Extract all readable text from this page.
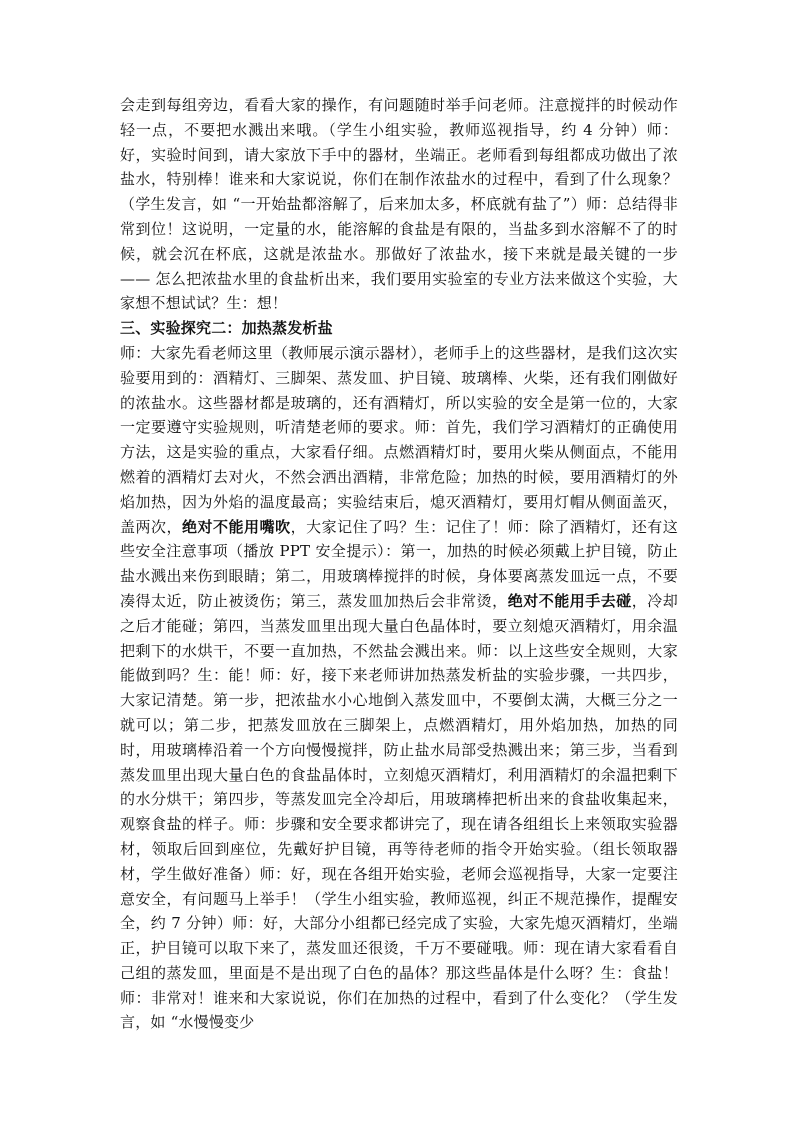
会走到每组旁边，看看大家的操作，有问题随时举手问老师。注意搅拌的时候动作轻一点，不要把水溅出来哦。（学生小组实验，教师巡视指导，约 4 分钟）师：好，实验时间到，请大家放下手中的器材，坐端正。老师看到每组都成功做出了浓盐水，特别棒！谁来和大家说说，你们在制作浓盐水的过程中，看到了什么现象？（学生发言，如 “一开始盐都溶解了，后来加太多，杯底就有盐了”）师：总结得非常到位！这说明，一定量的水，能溶解的食盐是有限的，当盐多到水溶解不了的时候，就会沉在杯底，这就是浓盐水。那做好了浓盐水，接下来就是最关键的一步 —— 怎么把浓盐水里的食盐析出来，我们要用实验室的专业方法来做这个实验，大家想不想试试？生：想！

三、实验探究二：加热蒸发析盐

师：大家先看老师这里（教师展示演示器材），老师手上的这些器材，是我们这次实验要用到的：酒精灯、三脚架、蒸发皿、护目镜、玻璃棒、火柴，还有我们刚做好的浓盐水。这些器材都是玻璃的，还有酒精灯，所以实验的安全是第一位的，大家一定要遵守实验规则，听清楚老师的要求。师：首先，我们学习酒精灯的正确使用方法，这是实验的重点，大家看仔细。点燃酒精灯时，要用火柴从侧面点，不能用燃着的酒精灯去对火，不然会洒出酒精，非常危险；加热的时候，要用酒精灯的外焰加热，因为外焰的温度最高；实验结束后，熄灭酒精灯，要用灯帽从侧面盖灭，盖两次，绝对不能用嘴吹，大家记住了吗？生：记住了！师：除了酒精灯，还有这些安全注意事项（播放 PPT 安全提示）：第一，加热的时候必须戴上护目镜，防止盐水溅出来伤到眼睛；第二，用玻璃棒搅拌的时候，身体要离蒸发皿远一点，不要凑得太近，防止被烫伤；第三，蒸发皿加热后会非常烫，绝对不能用手去碰，冷却之后才能碰；第四，当蒸发皿里出现大量白色晶体时，要立刻熄灭酒精灯，用余温把剩下的水烘干，不要一直加热，不然盐会溅出来。师：以上这些安全规则，大家能做到吗？生：能！师：好，接下来老师讲加热蒸发析盐的实验步骤，一共四步，大家记清楚。第一步，把浓盐水小心地倒入蒸发皿中，不要倒太满，大概三分之一就可以；第二步，把蒸发皿放在三脚架上，点燃酒精灯，用外焰加热，加热的同时，用玻璃棒沿着一个方向慢慢搅拌，防止盐水局部受热溅出来；第三步，当看到蒸发皿里出现大量白色的食盐晶体时，立刻熄灭酒精灯，利用酒精灯的余温把剩下的水分烘干；第四步，等蒸发皿完全冷却后，用玻璃棒把析出来的食盐收集起来，观察食盐的样子。师：步骤和安全要求都讲完了，现在请各组组长上来领取实验器材，领取后回到座位，先戴好护目镜，再等待老师的指令开始实验。（组长领取器材，学生做好准备）师：好，现在各组开始实验，老师会巡视指导，大家一定要注意安全，有问题马上举手！（学生小组实验，教师巡视，纠正不规范操作，提醒安全，约 7 分钟）师：好，大部分小组都已经完成了实验，大家先熄灭酒精灯，坐端正，护目镜可以取下来了，蒸发皿还很烫，千万不要碰哦。师：现在请大家看看自己组的蒸发皿，里面是不是出现了白色的晶体？那这些晶体是什么呀？生：食盐！师：非常对！谁来和大家说说，你们在加热的过程中，看到了什么变化？（学生发言，如 “水慢慢变少
